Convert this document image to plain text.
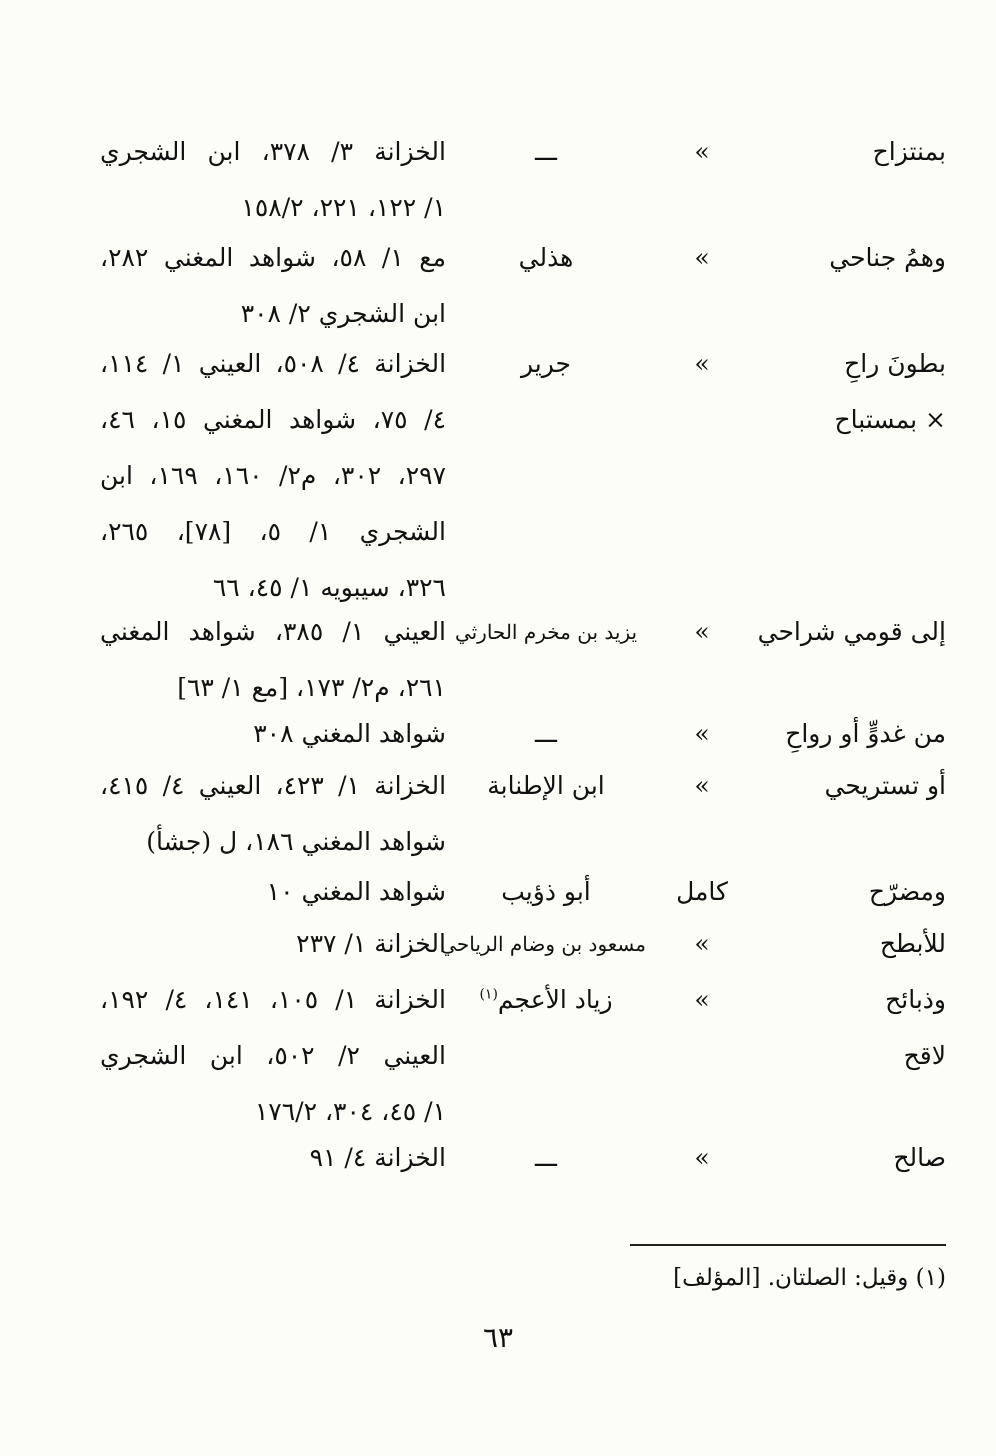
بمنتزاح
»
ـــ
الخزانة ٣/ ٣٧٨، ابن الشجري
١/ ١٢٢، ٢٢١، ١٥٨/٢
وهمُ جناحي
»
هذلي
مع ١/ ٥٨، شواهد المغني ٢٨٢،
ابن الشجري ٢/ ٣٠٨
بطونَ راحِ
× بمستباح
»
جرير
الخزانة ٤/ ٥٠٨، العيني ١/ ١١٤،
٤/ ٧٥، شواهد المغني ١٥، ٤٦،
٢٩٧، ٣٠٢، م٢/ ١٦٠، ١٦٩، ابن
الشجري ١/ ٥، [٧٨]، ٢٦٥،
٣٢٦، سيبويه ١/ ٤٥، ٦٦
إلى قومي شراحي
»
يزيد بن مخرم الحارثي
العيني ١/ ٣٨٥، شواهد المغني
٢٦١، م٢/ ١٧٣، [مع ١/ ٦٣]
من غدوٍّ أو رواحِ
»
ـــ
شواهد المغني ٣٠٨
أو تستريحي
»
ابن الإطنابة
الخزانة ١/ ٤٢٣، العيني ٤/ ٤١٥،
شواهد المغني ١٨٦، ل (جشأ)
ومضرّح
كامل
أبو ذؤيب
شواهد المغني ١٠
للأبطح
»
مسعود بن وضام الرياحي
الخزانة ١/ ٢٣٧
وذبائح
لاقح
»
زياد الأعجم$^{(١)}$
الخزانة ١/ ١٠٥، ١٤١، ٤/ ١٩٢،
العيني ٢/ ٥٠٢، ابن الشجري
١/ ٤٥، ٣٠٤، ١٧٦/٢
صالح
»
ـــ
الخزانة ٤/ ٩١
(١) وقيل: الصلتان. [المؤلف]
٦٣
